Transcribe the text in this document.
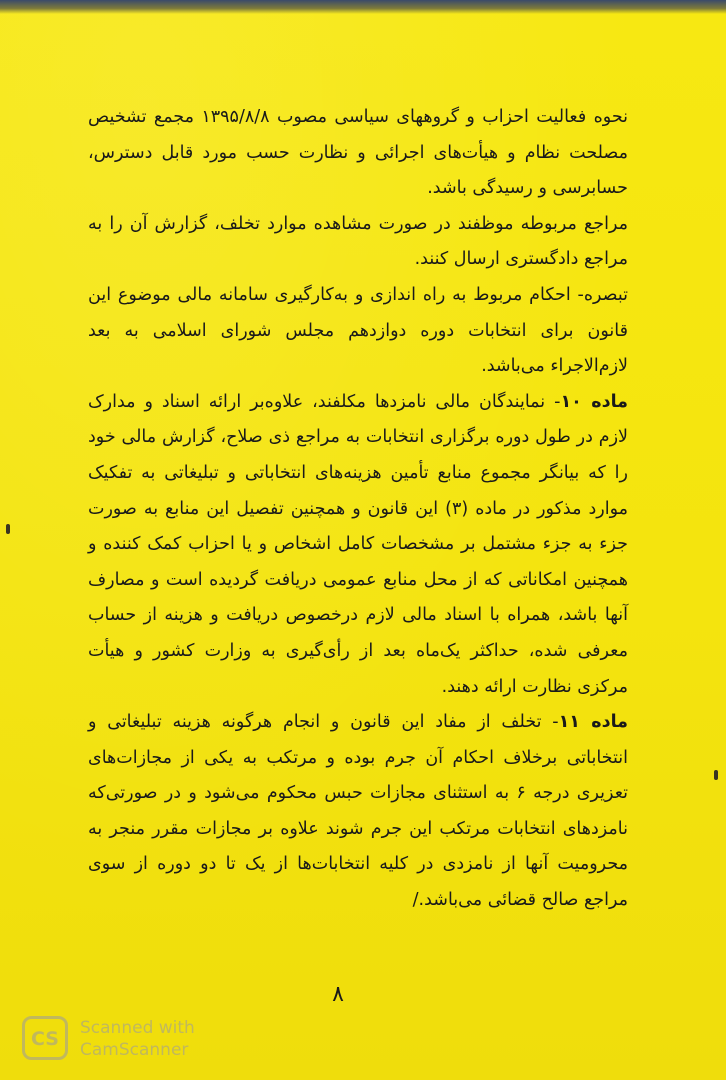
نحوه فعالیت احزاب و گروههای سیاسی مصوب ۱۳۹۵/۸/۸ مجمع تشخیص مصلحت نظام و هیأت‌های اجرائی و نظارت حسب مورد قابل دسترس، حسابرسی و رسیدگی باشد.

مراجع مربوطه موظفند در صورت مشاهده موارد تخلف، گزارش آن را به مراجع دادگستری ارسال کنند.

تبصره- احکام مربوط به راه اندازی و به‌کارگیری سامانه مالی موضوع این قانون برای انتخابات دوره دوازدهم مجلس شورای اسلامی به بعد لازم‌الاجراء می‌باشد.

ماده ۱۰- نمایندگان مالی نامزدها مکلفند، علاوه‌بر ارائه اسناد و مدارک لازم در طول دوره برگزاری انتخابات به مراجع ذی صلاح، گزارش مالی خود را که بیانگر مجموع منابع تأمین هزینه‌های انتخاباتی و تبلیغاتی به تفکیک موارد مذکور در ماده (۳) این قانون و همچنین تفصیل این منابع به صورت جزء به جزء مشتمل بر مشخصات کامل اشخاص و یا احزاب کمک کننده و همچنین امکاناتی که از محل منابع عمومی دریافت گردیده است و مصارف آنها باشد، همراه با اسناد مالی لازم درخصوص دریافت و هزینه از حساب معرفی شده، حداکثر یک‌ماه بعد از رأی‌گیری به وزارت کشور و هیأت مرکزی نظارت ارائه دهند.

ماده ۱۱- تخلف از مفاد این قانون و انجام هرگونه هزینه تبلیغاتی و انتخاباتی برخلاف احکام آن جرم بوده و مرتکب به یکی از مجازات‌های تعزیری درجه ۶ به استثنای مجازات حبس محکوم می‌شود و در صورتی‌که نامزدهای انتخابات مرتکب این جرم شوند علاوه بر مجازات مقرر منجر به محرومیت آنها از نامزدی در کلیه انتخابات‌ها از یک تا دو دوره از سوی مراجع صالح قضائی می‌باشد./

۸
CS Scanned with
CamScanner
